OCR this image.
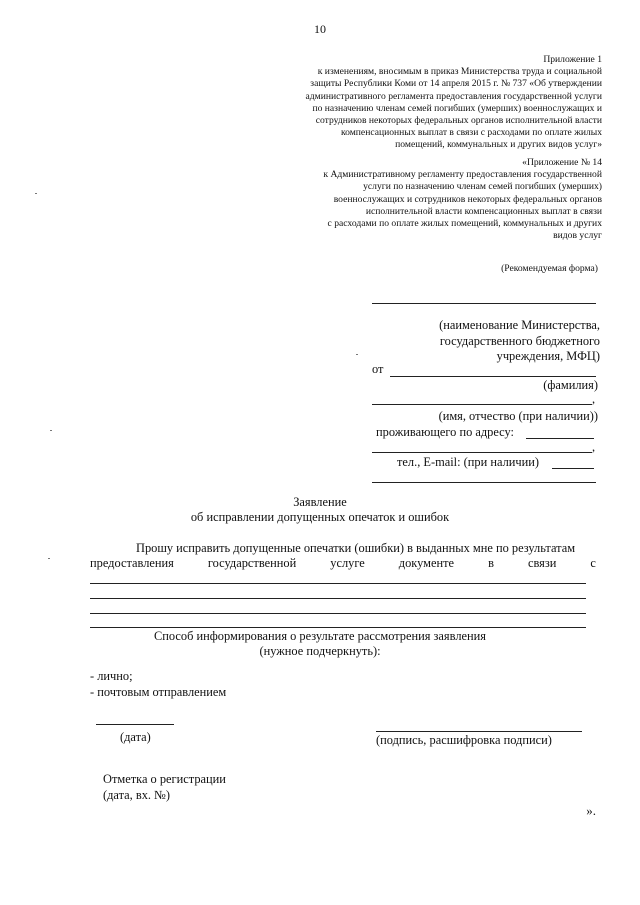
10
Приложение 1
к изменениям, вносимым в приказ Министерства труда и социальной
защиты Республики Коми от 14 апреля 2015 г. № 737 «Об утверждении
административного регламента предоставления государственной услуги
по назначению членам семей погибших (умерших) военнослужащих и
сотрудников некоторых федеральных органов исполнительной власти
компенсационных выплат в связи с расходами по оплате жилых
помещений, коммунальных и других видов услуг»
«Приложение № 14
к Административному регламенту предоставления государственной
услуги по назначению членам семей погибших (умерших)
военнослужащих и сотрудников некоторых федеральных органов
исполнительной власти компенсационных выплат в связи
с расходами по оплате жилых помещений, коммунальных и других
видов услуг
(Рекомендуемая форма)
(наименование Министерства,
государственного бюджетного
учреждения, МФЦ)
от
(фамилия)
,
(имя, отчество (при наличии))
проживающего по адресу:
,
тел., E-mail: (при наличии)
Заявление
об исправлении допущенных опечаток и ошибок
Прошу исправить допущенные опечатки (ошибки) в выданных мне по результатам
предоставления	государственной	услуге	документе	в	связи	с
Способ информирования о результате рассмотрения заявления
(нужное подчеркнуть):
- лично;
- почтовым отправлением
(дата)	(подпись, расшифровка подписи)
Отметка о регистрации
(дата, вх. №)
».
